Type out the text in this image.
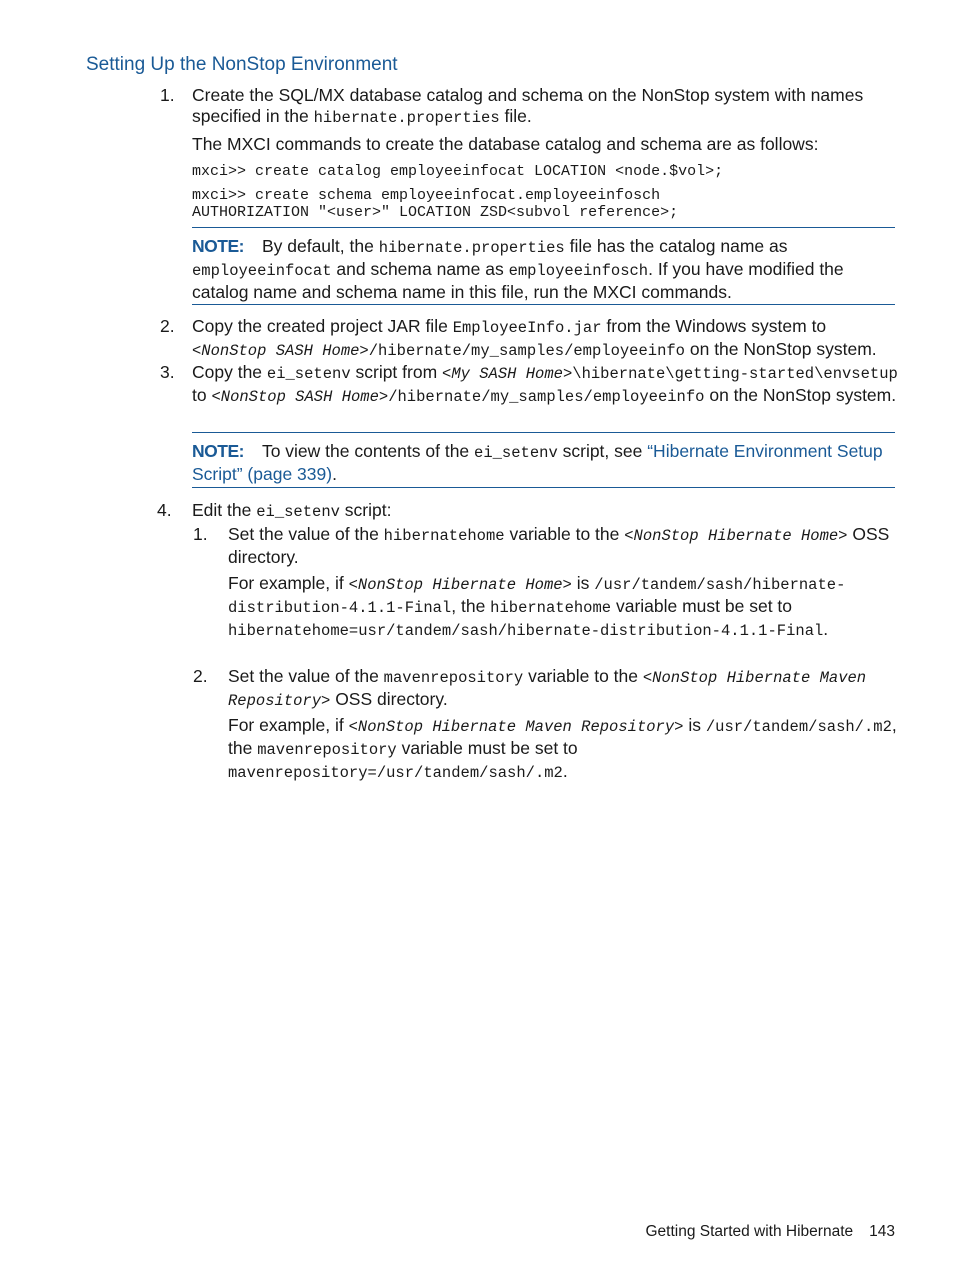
Setting Up the NonStop Environment
1. Create the SQL/MX database catalog and schema on the NonStop system with names specified in the hibernate.properties file.
The MXCI commands to create the database catalog and schema are as follows:
mxci>> create catalog employeeinfocat LOCATION <node.$vol>;
mxci>> create schema employeeinfocat.employeeinfosch
AUTHORIZATION "<user>" LOCATION ZSD<subvol reference>;
NOTE: By default, the hibernate.properties file has the catalog name as employeeinfocat and schema name as employeeinfosch. If you have modified the catalog name and schema name in this file, run the MXCI commands.
2. Copy the created project JAR file EmployeeInfo.jar from the Windows system to <NonStop SASH Home>/hibernate/my_samples/employeeinfo on the NonStop system.
3. Copy the ei_setenv script from <My SASH Home>\hibernate\getting-started\envsetup to <NonStop SASH Home>/hibernate/my_samples/employeeinfo on the NonStop system.
NOTE: To view the contents of the ei_setenv script, see “Hibernate Environment Setup Script” (page 339).
4.	Edit the ei_setenv script:
1.	Set the value of the hibernatehome variable to the <NonStop Hibernate Home> OSS directory.
For example, if <NonStop Hibernate Home> is /usr/tandem/sash/hibernate-distribution-4.1.1-Final, the hibernatehome variable must be set to hibernatehome=usr/tandem/sash/hibernate-distribution-4.1.1-Final.
2.	Set the value of the mavenrepository variable to the <NonStop Hibernate Maven Repository> OSS directory.
For example, if <NonStop Hibernate Maven Repository> is /usr/tandem/sash/.m2, the mavenrepository variable must be set to mavenrepository=/usr/tandem/sash/.m2.
Getting Started with Hibernate 143
